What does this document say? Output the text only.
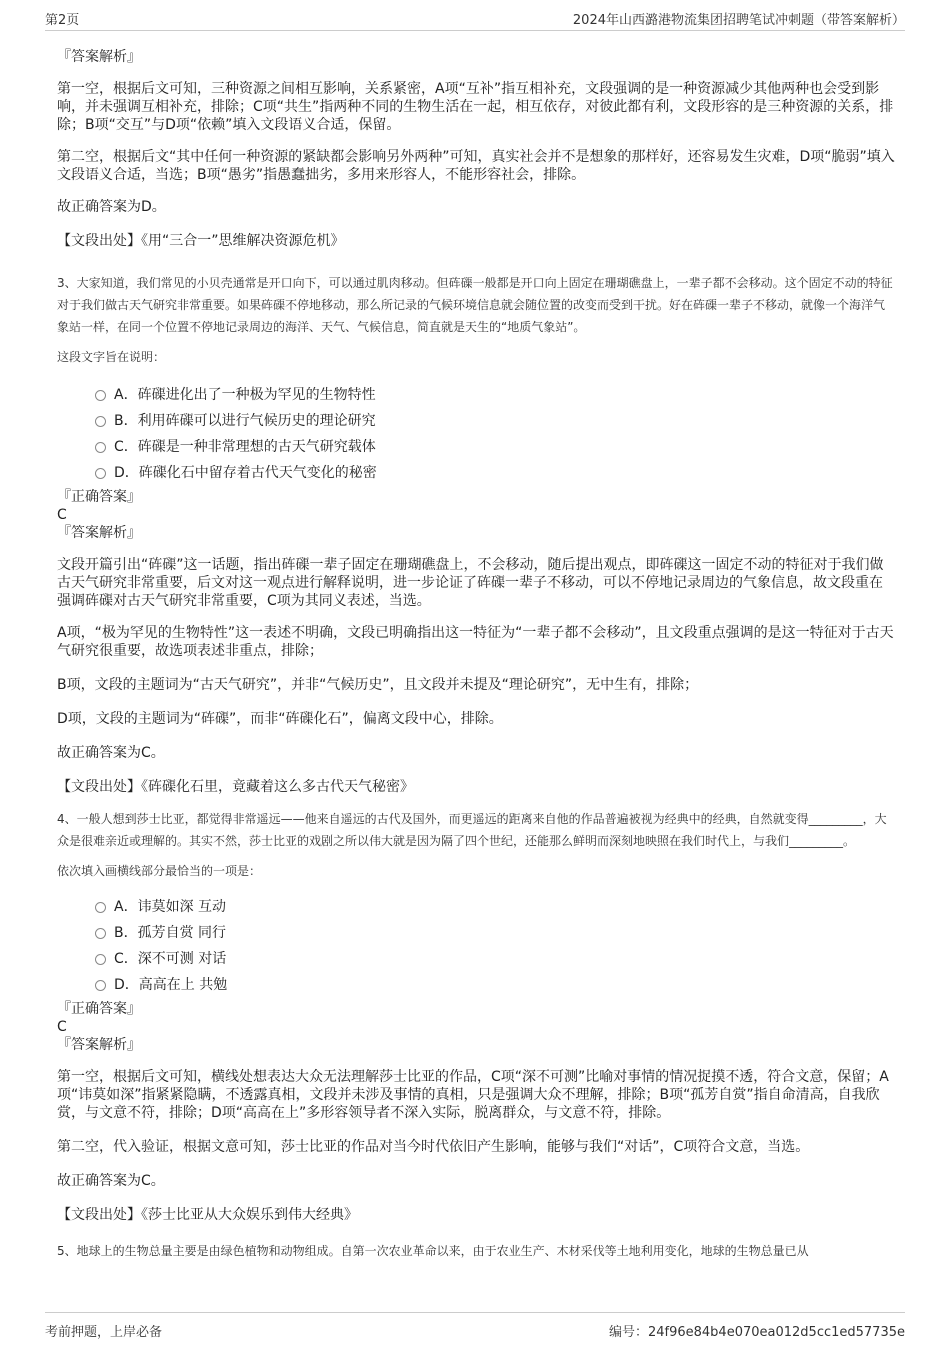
第2页	2024年山西潞港物流集团招聘笔试冲刺题（带答案解析）

『答案解析』

第一空，根据后文可知，三种资源之间相互影响，关系紧密，A项“互补”指互相补充，文段强调的是一种资源减少其他两种也会受到影响，并未强调互相补充，排除；C项“共生”指两种不同的生物生活在一起，相互依存，对彼此都有利，文段形容的是三种资源的关系，排除；B项“交互”与D项“依赖”填入文段语义合适，保留。

第二空，根据后文“其中任何一种资源的紧缺都会影响另外两种”可知，真实社会并不是想象的那样好，还容易发生灾难，D项“脆弱”填入文段语义合适，当选；B项“愚劣”指愚蠢拙劣，多用来形容人，不能形容社会，排除。

故正确答案为D。

【文段出处】《用“三合一”思维解决资源危机》

3、大家知道，我们常见的小贝壳通常是开口向下，可以通过肌肉移动。但砗磲一般都是开口向上固定在珊瑚礁盘上，一辈子都不会移动。这个固定不动的特征对于我们做古天气研究非常重要。如果砗磲不停地移动，那么所记录的气候环境信息就会随位置的改变而受到干扰。好在砗磲一辈子不移动，就像一个海洋气象站一样，在同一个位置不停地记录周边的海洋、天气、气候信息，简直就是天生的“地质气象站”。

这段文字旨在说明：

A．砗磲进化出了一种极为罕见的生物特性

B．利用砗磲可以进行气候历史的理论研究

C．砗磲是一种非常理想的古天气研究载体

D．砗磲化石中留存着古代天气变化的秘密

『正确答案』

C

『答案解析』

文段开篇引出“砗磲”这一话题，指出砗磲一辈子固定在珊瑚礁盘上，不会移动，随后提出观点，即砗磲这一固定不动的特征对于我们做古天气研究非常重要，后文对这一观点进行解释说明，进一步论证了砗磲一辈子不移动，可以不停地记录周边的气象信息，故文段重在强调砗磲对古天气研究非常重要，C项为其同义表述，当选。

A项，“极为罕见的生物特性”这一表述不明确，文段已明确指出这一特征为“一辈子都不会移动”，且文段重点强调的是这一特征对于古天气研究很重要，故选项表述非重点，排除；

B项，文段的主题词为“古天气研究”，并非“气候历史”，且文段并未提及“理论研究”，无中生有，排除；

D项，文段的主题词为“砗磲”，而非“砗磲化石”，偏离文段中心，排除。

故正确答案为C。

【文段出处】《砗磲化石里，竟藏着这么多古代天气秘密》

4、一般人想到莎士比亚，都觉得非常遥远——他来自遥远的古代及国外，而更遥远的距离来自他的作品普遍被视为经典中的经典，自然就变得_________，大众是很难亲近或理解的。其实不然，莎士比亚的戏剧之所以伟大就是因为隔了四个世纪，还能那么鲜明而深刻地映照在我们时代上，与我们_________。

依次填入画横线部分最恰当的一项是：

A．讳莫如深 互动

B．孤芳自赏 同行

C．深不可测 对话

D．高高在上 共勉

『正确答案』

C

『答案解析』

第一空，根据后文可知，横线处想表达大众无法理解莎士比亚的作品，C项“深不可测”比喻对事情的情况捉摸不透，符合文意，保留；A项“讳莫如深”指紧紧隐瞒，不透露真相，文段并未涉及事情的真相，只是强调大众不理解，排除；B项“孤芳自赏”指自命清高，自我欣赏，与文意不符，排除；D项“高高在上”多形容领导者不深入实际，脱离群众，与文意不符，排除。

第二空，代入验证，根据文意可知，莎士比亚的作品对当今时代依旧产生影响，能够与我们“对话”，C项符合文意，当选。

故正确答案为C。

【文段出处】《莎士比亚从大众娱乐到伟大经典》

5、地球上的生物总量主要是由绿色植物和动物组成。自第一次农业革命以来，由于农业生产、木材采伐等土地利用变化，地球的生物总量已从

考前押题，上岸必备	编号：24f96e84b4e070ea012d5cc1ed57735e
